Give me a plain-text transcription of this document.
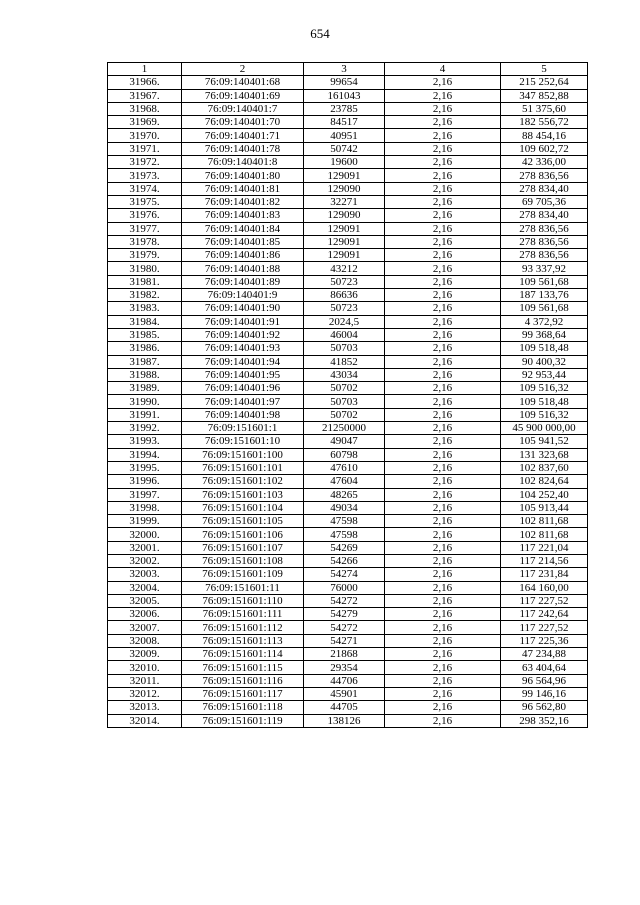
654
1	2	3	4	5
31966.	76:09:140401:68	99654	2,16	215 252,64
31967.	76:09:140401:69	161043	2,16	347 852,88
31968.	76:09:140401:7	23785	2,16	51 375,60
31969.	76:09:140401:70	84517	2,16	182 556,72
31970.	76:09:140401:71	40951	2,16	88 454,16
31971.	76:09:140401:78	50742	2,16	109 602,72
31972.	76:09:140401:8	19600	2,16	42 336,00
31973.	76:09:140401:80	129091	2,16	278 836,56
31974.	76:09:140401:81	129090	2,16	278 834,40
31975.	76:09:140401:82	32271	2,16	69 705,36
31976.	76:09:140401:83	129090	2,16	278 834,40
31977.	76:09:140401:84	129091	2,16	278 836,56
31978.	76:09:140401:85	129091	2,16	278 836,56
31979.	76:09:140401:86	129091	2,16	278 836,56
31980.	76:09:140401:88	43212	2,16	93 337,92
31981.	76:09:140401:89	50723	2,16	109 561,68
31982.	76:09:140401:9	86636	2,16	187 133,76
31983.	76:09:140401:90	50723	2,16	109 561,68
31984.	76:09:140401:91	2024,5	2,16	4 372,92
31985.	76:09:140401:92	46004	2,16	99 368,64
31986.	76:09:140401:93	50703	2,16	109 518,48
31987.	76:09:140401:94	41852	2,16	90 400,32
31988.	76:09:140401:95	43034	2,16	92 953,44
31989.	76:09:140401:96	50702	2,16	109 516,32
31990.	76:09:140401:97	50703	2,16	109 518,48
31991.	76:09:140401:98	50702	2,16	109 516,32
31992.	76:09:151601:1	21250000	2,16	45 900 000,00
31993.	76:09:151601:10	49047	2,16	105 941,52
31994.	76:09:151601:100	60798	2,16	131 323,68
31995.	76:09:151601:101	47610	2,16	102 837,60
31996.	76:09:151601:102	47604	2,16	102 824,64
31997.	76:09:151601:103	48265	2,16	104 252,40
31998.	76:09:151601:104	49034	2,16	105 913,44
31999.	76:09:151601:105	47598	2,16	102 811,68
32000.	76:09:151601:106	47598	2,16	102 811,68
32001.	76:09:151601:107	54269	2,16	117 221,04
32002.	76:09:151601:108	54266	2,16	117 214,56
32003.	76:09:151601:109	54274	2,16	117 231,84
32004.	76:09:151601:11	76000	2,16	164 160,00
32005.	76:09:151601:110	54272	2,16	117 227,52
32006.	76:09:151601:111	54279	2,16	117 242,64
32007.	76:09:151601:112	54272	2,16	117 227,52
32008.	76:09:151601:113	54271	2,16	117 225,36
32009.	76:09:151601:114	21868	2,16	47 234,88
32010.	76:09:151601:115	29354	2,16	63 404,64
32011.	76:09:151601:116	44706	2,16	96 564,96
32012.	76:09:151601:117	45901	2,16	99 146,16
32013.	76:09:151601:118	44705	2,16	96 562,80
32014.	76:09:151601:119	138126	2,16	298 352,16
